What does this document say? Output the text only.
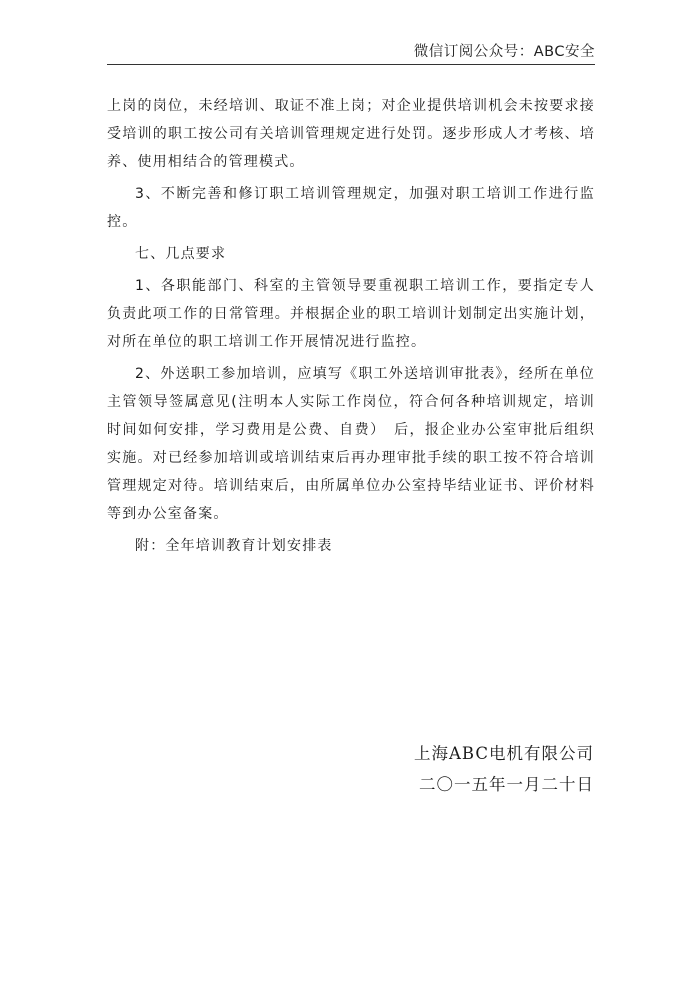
微信订阅公众号：ABC安全

上岗的岗位，未经培训、取证不准上岗；对企业提供培训机会未按要求接受培训的职工按公司有关培训管理规定进行处罚。逐步形成人才考核、培养、使用相结合的管理模式。

3、不断完善和修订职工培训管理规定，加强对职工培训工作进行监控。

七、几点要求

1、各职能部门、科室的主管领导要重视职工培训工作，要指定专人负责此项工作的日常管理。并根据企业的职工培训计划制定出实施计划，对所在单位的职工培训工作开展情况进行监控。

2、外送职工参加培训，应填写《职工外送培训审批表》，经所在单位主管领导签属意见(注明本人实际工作岗位，符合何各种培训规定，培训时间如何安排，学习费用是公费、自费）　后，报企业办公室审批后组织实施。对已经参加培训或培训结束后再办理审批手续的职工按不符合培训管理规定对待。培训结束后，由所属单位办公室持毕结业证书、评价材料等到办公室备案。

附：全年培训教育计划安排表

上海ABC电机有限公司
二〇一五年一月二十日
